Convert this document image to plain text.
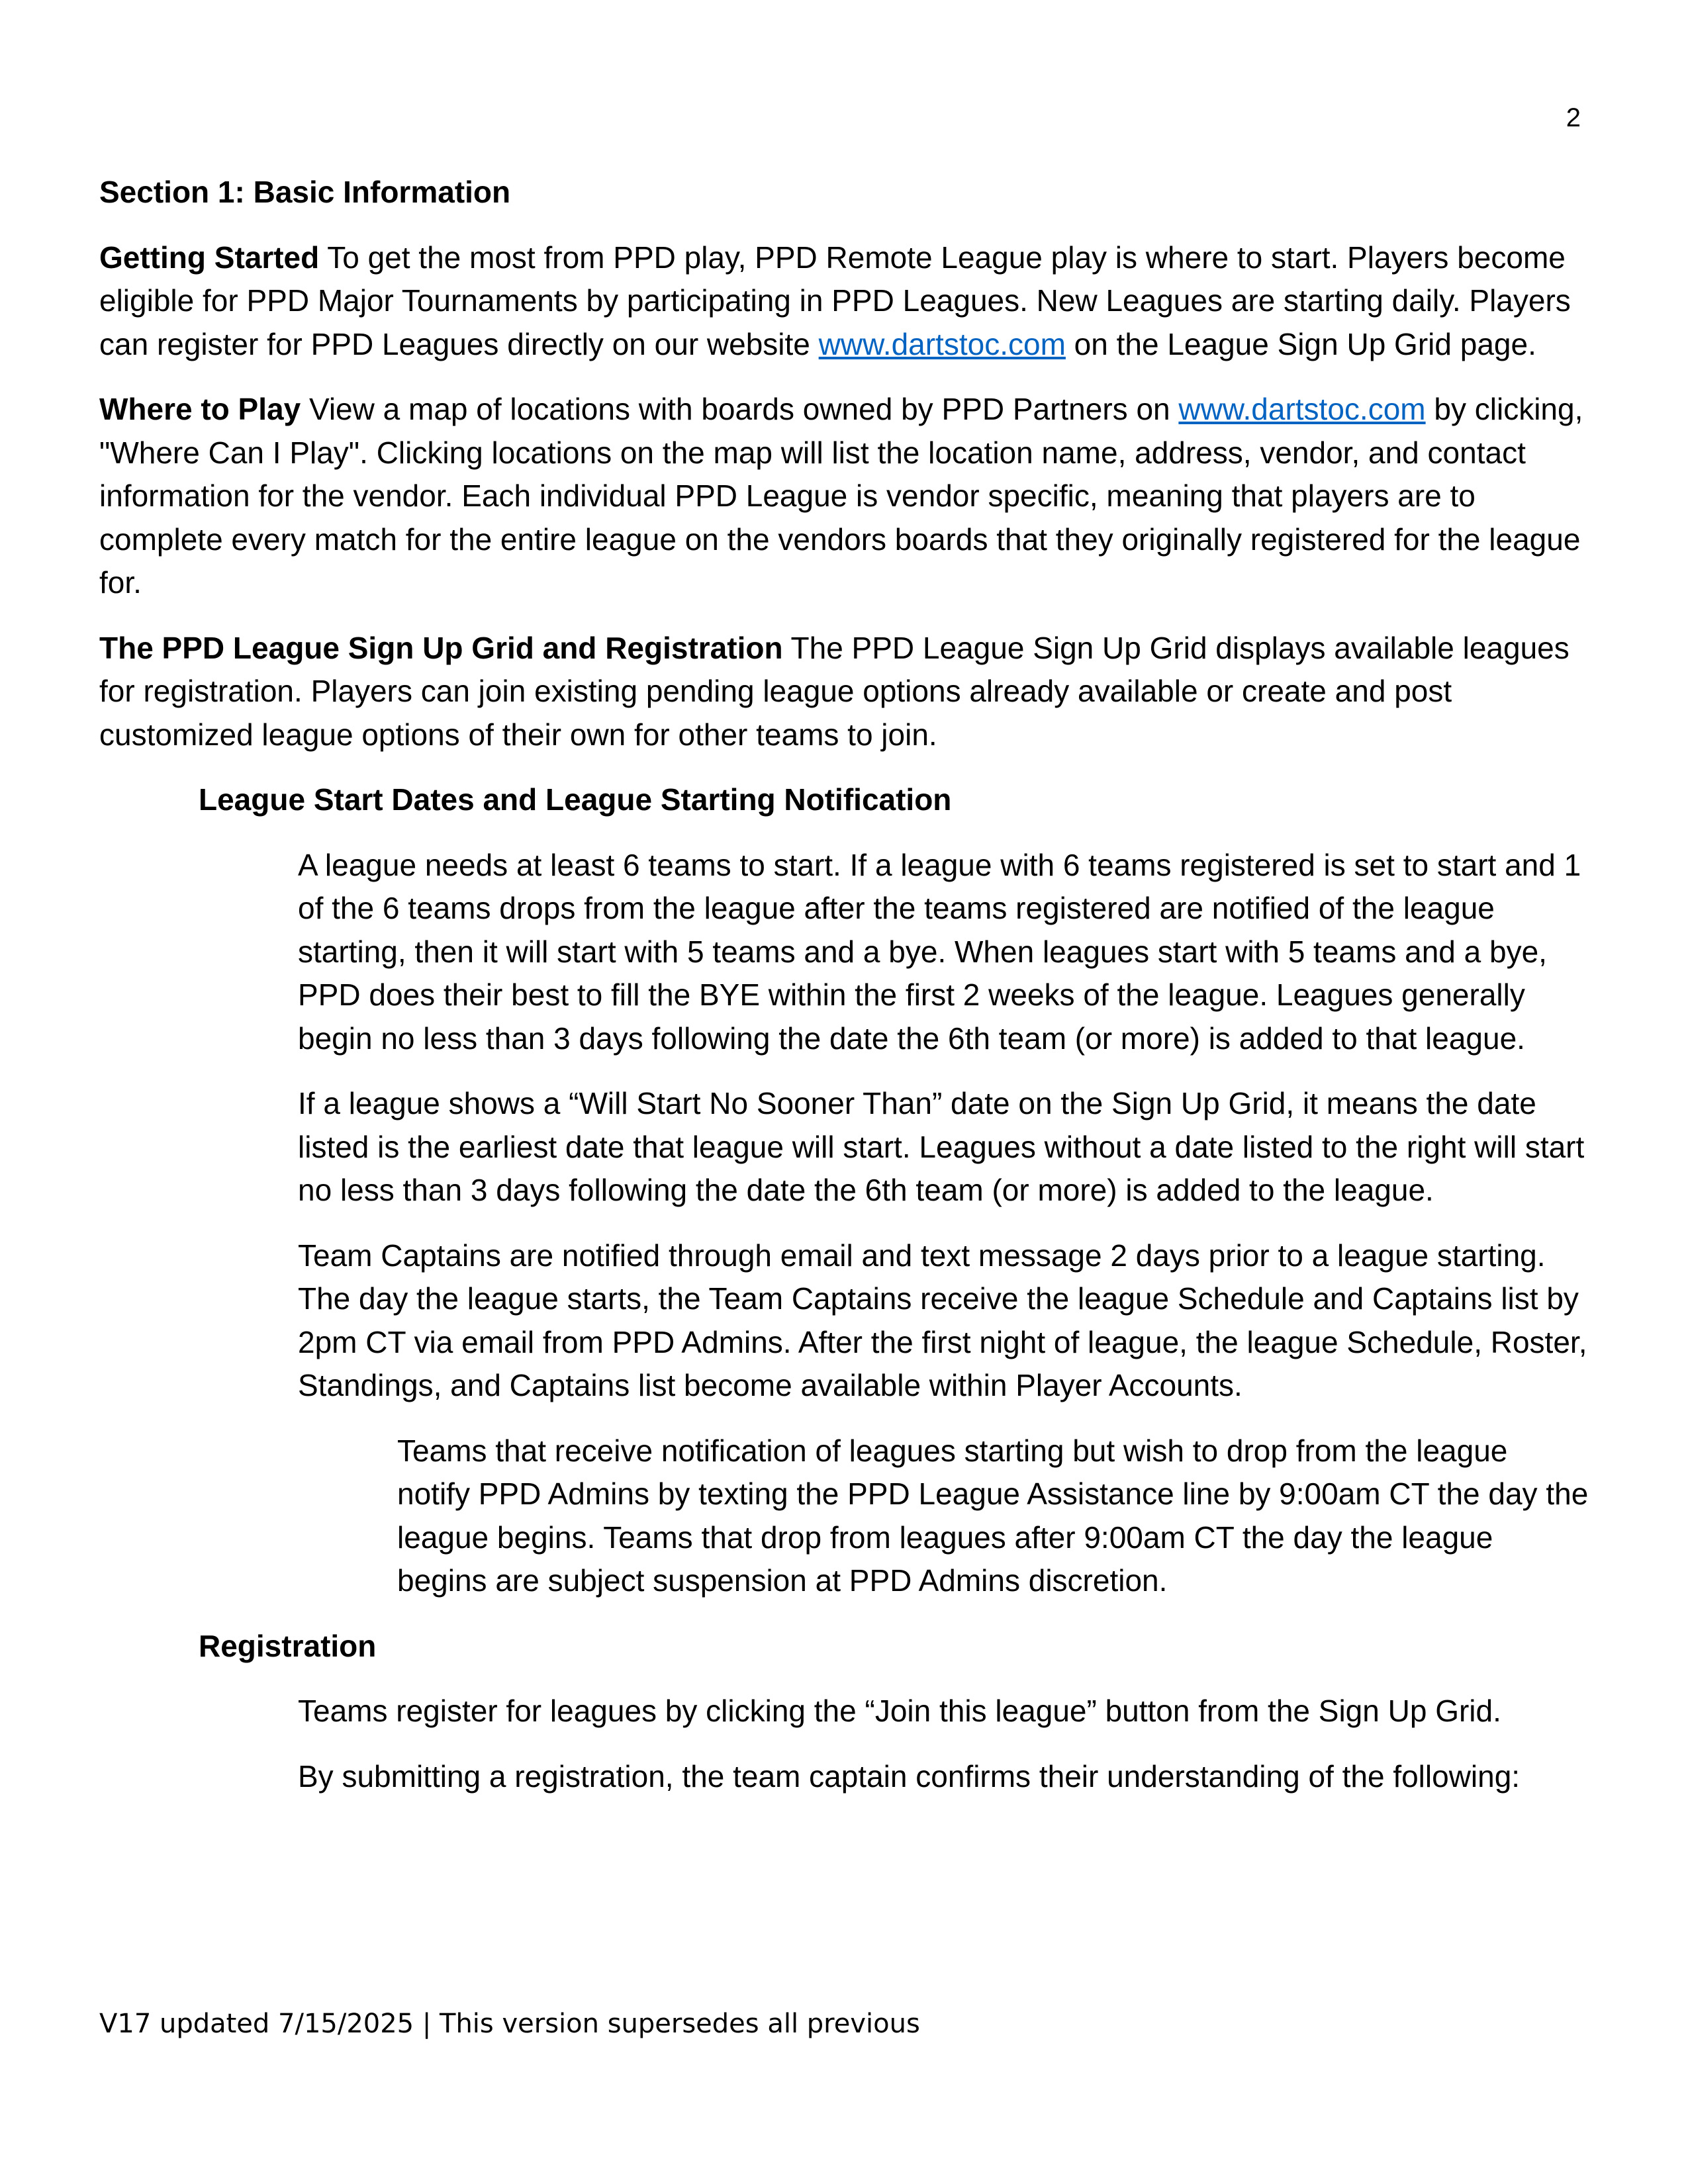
2

Section 1: Basic Information

Getting Started To get the most from PPD play, PPD Remote League play is where to start. Players become eligible for PPD Major Tournaments by participating in PPD Leagues. New Leagues are starting daily. Players can register for PPD Leagues directly on our website www.dartstoc.com on the League Sign Up Grid page.

Where to Play View a map of locations with boards owned by PPD Partners on www.dartstoc.com by clicking, "Where Can I Play". Clicking locations on the map will list the location name, address, vendor, and contact information for the vendor. Each individual PPD League is vendor specific, meaning that players are to complete every match for the entire league on the vendors boards that they originally registered for the league for.

The PPD League Sign Up Grid and Registration The PPD League Sign Up Grid displays available leagues for registration. Players can join existing pending league options already available or create and post customized league options of their own for other teams to join.

League Start Dates and League Starting Notification

A league needs at least 6 teams to start. If a league with 6 teams registered is set to start and 1 of the 6 teams drops from the league after the teams registered are notified of the league starting, then it will start with 5 teams and a bye. When leagues start with 5 teams and a bye, PPD does their best to fill the BYE within the first 2 weeks of the league. Leagues generally begin no less than 3 days following the date the 6th team (or more) is added to that league.

If a league shows a “Will Start No Sooner Than” date on the Sign Up Grid, it means the date listed is the earliest date that league will start. Leagues without a date listed to the right will start no less than 3 days following the date the 6th team (or more) is added to the league.

Team Captains are notified through email and text message 2 days prior to a league starting. The day the league starts, the Team Captains receive the league Schedule and Captains list by 2pm CT via email from PPD Admins. After the first night of league, the league Schedule, Roster, Standings, and Captains list become available within Player Accounts.

Teams that receive notification of leagues starting but wish to drop from the league notify PPD Admins by texting the PPD League Assistance line by 9:00am CT the day the league begins. Teams that drop from leagues after 9:00am CT the day the league begins are subject suspension at PPD Admins discretion.

Registration

Teams register for leagues by clicking the “Join this league” button from the Sign Up Grid.

By submitting a registration, the team captain confirms their understanding of the following:

V17 updated 7/15/2025 | This version supersedes all previous
